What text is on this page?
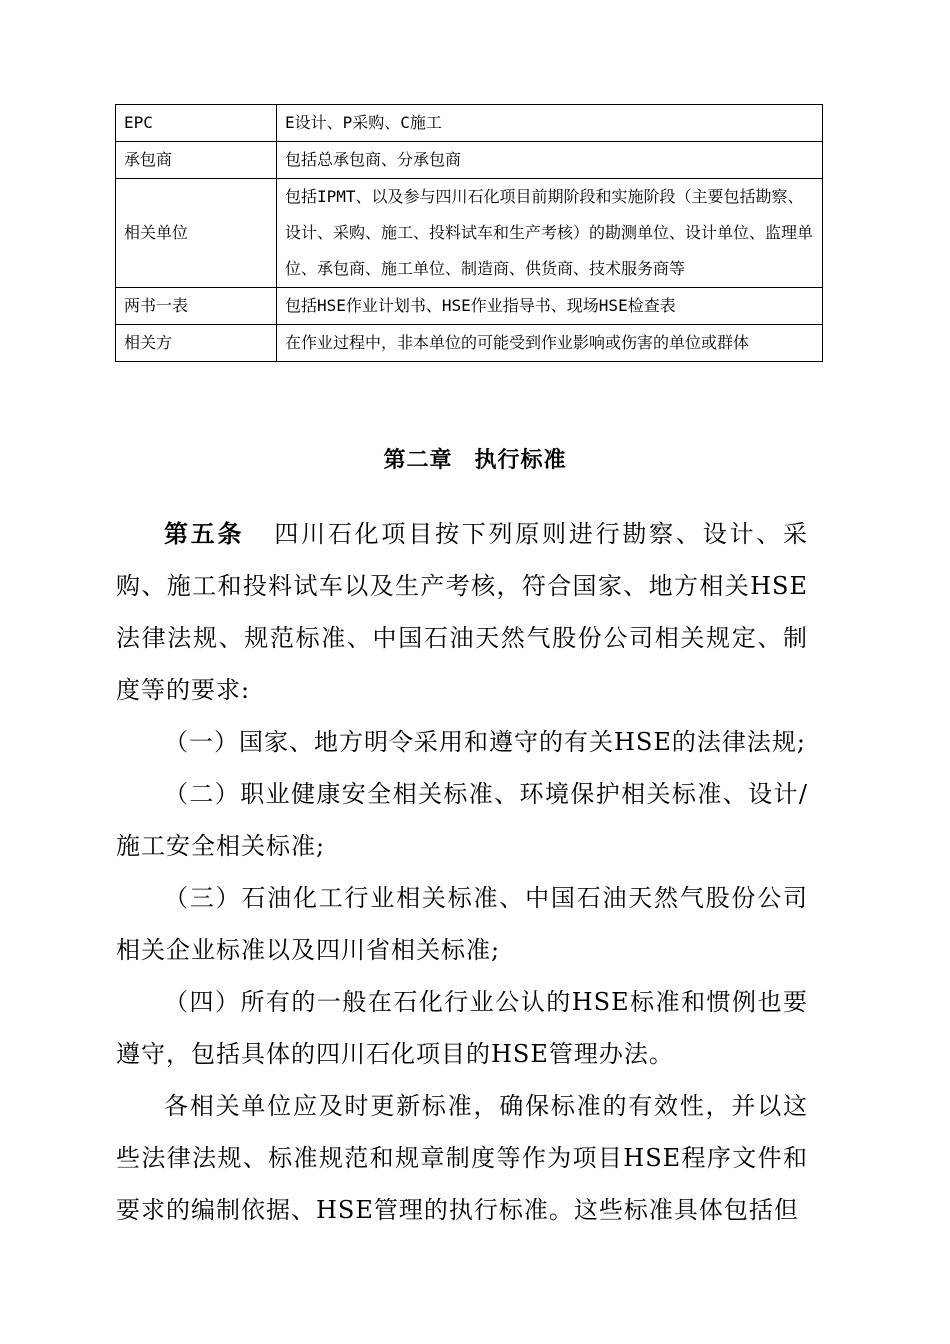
EPC	E设计、P采购、C施工
承包商	包括总承包商、分承包商
相关单位	包括IPMT、以及参与四川石化项目前期阶段和实施阶段（主要包括勘察、设计、采购、施工、投料试车和生产考核）的勘测单位、设计单位、监理单位、承包商、施工单位、制造商、供货商、技术服务商等
两书一表	包括HSE作业计划书、HSE作业指导书、现场HSE检查表
相关方	在作业过程中，非本单位的可能受到作业影响或伤害的单位或群体
第二章 执行标准

第五条 四川石化项目按下列原则进行勘察、设计、采购、施工和投料试车以及生产考核，符合国家、地方相关HSE法律法规、规范标准、中国石油天然气股份公司相关规定、制度等的要求:

（一）国家、地方明令采用和遵守的有关HSE的法律法规;

（二）职业健康安全相关标准、环境保护相关标准、设计/施工安全相关标准;

（三）石油化工行业相关标准、中国石油天然气股份公司相关企业标准以及四川省相关标准;

（四）所有的一般在石化行业公认的HSE标准和惯例也要遵守，包括具体的四川石化项目的HSE管理办法。

各相关单位应及时更新标准，确保标准的有效性，并以这些法律法规、标准规范和规章制度等作为项目HSE程序文件和要求的编制依据、HSE管理的执行标准。这些标准具体包括但
